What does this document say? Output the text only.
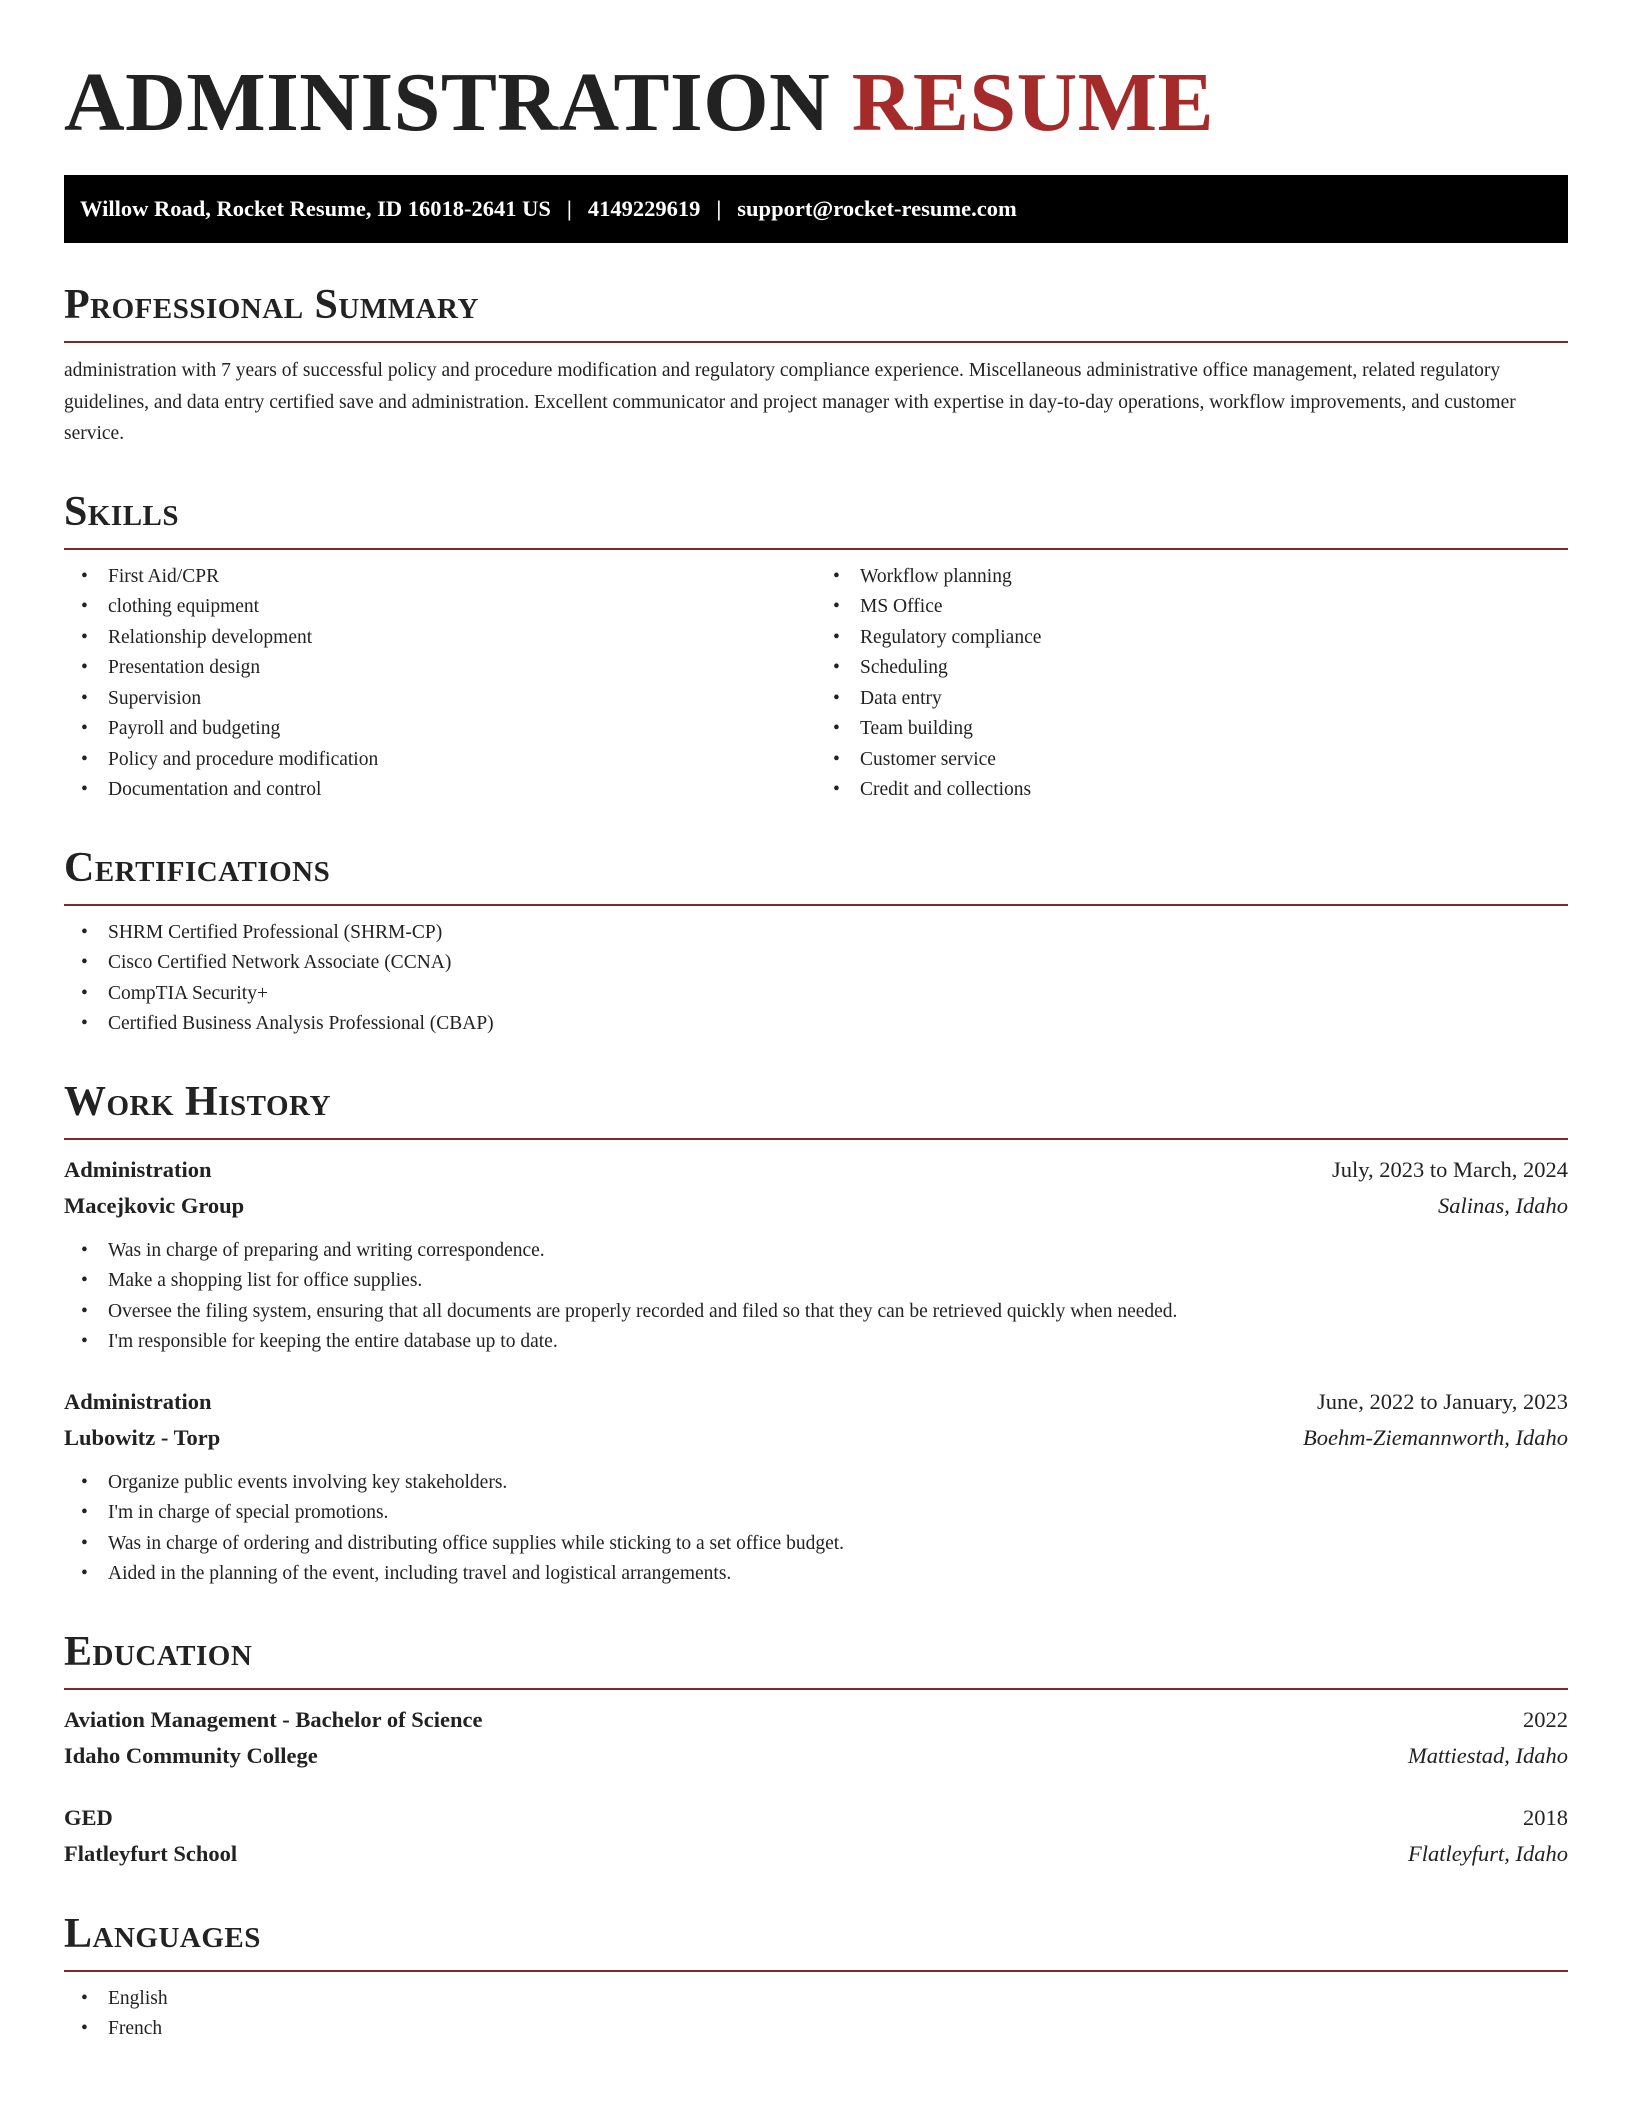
ADMINISTRATION RESUME
Willow Road, Rocket Resume, ID 16018-2641 US | 4149229619 | support@rocket-resume.com
Professional Summary

administration with 7 years of successful policy and procedure modification and regulatory compliance experience. Miscellaneous administrative office management, related regulatory guidelines, and data entry certified save and administration. Excellent communicator and project manager with expertise in day-to-day operations, workflow improvements, and customer service.

Skills
• First Aid/CPR
• clothing equipment
• Relationship development
• Presentation design
• Supervision
• Payroll and budgeting
• Policy and procedure modification
• Documentation and control
• Workflow planning
• MS Office
• Regulatory compliance
• Scheduling
• Data entry
• Team building
• Customer service
• Credit and collections
Certifications
• SHRM Certified Professional (SHRM-CP)
• Cisco Certified Network Associate (CCNA)
• CompTIA Security+
• Certified Business Analysis Professional (CBAP)
Work History
Administration	July, 2023 to March, 2024
Macejkovic Group	Salinas, Idaho
• Was in charge of preparing and writing correspondence.
• Make a shopping list for office supplies.
• Oversee the filing system, ensuring that all documents are properly recorded and filed so that they can be retrieved quickly when needed.
• I'm responsible for keeping the entire database up to date.
Administration	June, 2022 to January, 2023
Lubowitz - Torp	Boehm-Ziemannworth, Idaho
• Organize public events involving key stakeholders.
• I'm in charge of special promotions.
• Was in charge of ordering and distributing office supplies while sticking to a set office budget.
• Aided in the planning of the event, including travel and logistical arrangements.
Education
Aviation Management - Bachelor of Science	2022
Idaho Community College	Mattiestad, Idaho
GED	2018
Flatleyfurt School	Flatleyfurt, Idaho
Languages
• English
• French
